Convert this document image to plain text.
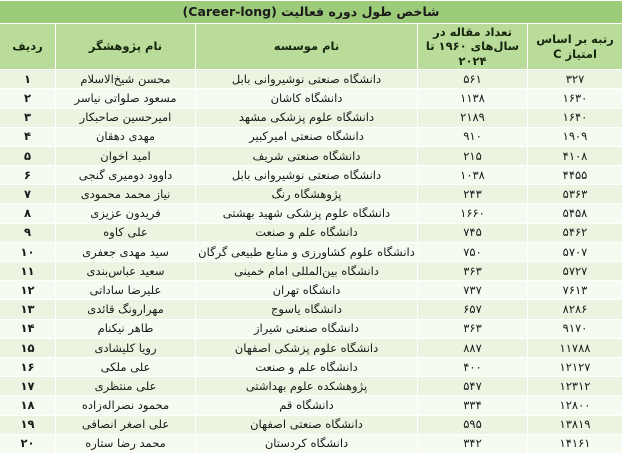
شاخص طول دوره فعالیت (Career-long)				
رتبه بر اساس امتیاز C	تعداد مقاله در سال‌های ۱۹۶۰ تا ۲۰۲۴	نام موسسه	نام پژوهشگر	ردیف
۳۲۷	۵۶۱	دانشگاه صنعتی نوشیروانی بابل	محسن شیخ‌الاسلام	۱
۱۶۳۰	۱۱۳۸	دانشگاه کاشان	مسعود صلواتی نیاسر	۲
۱۶۴۰	۲۱۸۹	دانشگاه علوم پزشکی مشهد	امیرحسین صاحبکار	۳
۱۹۰۹	۹۱۰	دانشگاه صنعتی امیرکبیر	مهدی دهقان	۴
۴۱۰۸	۲۱۵	دانشگاه صنعتی شریف	امید اخوان	۵
۴۴۵۵	۱۰۳۸	دانشگاه صنعتی نوشیروانی بابل	داوود دومیری گنجی	۶
۵۳۶۳	۲۴۳	پژوهشگاه رنگ	نیاز محمد محمودی	۷
۵۴۵۸	۱۶۶۰	دانشگاه علوم پزشکی شهید بهشتی	فریدون عزیزی	۸
۵۴۶۲	۷۴۵	دانشگاه علم و صنعت	علی کاوه	۹
۵۷۰۷	۷۵۰	دانشگاه علوم کشاورزی و منابع طبیعی گرگان	سید مهدی جعفری	۱۰
۵۷۲۷	۳۶۳	دانشگاه بین‌المللی امام خمینی	سعید عباس‌بندی	۱۱
۷۶۱۳	۷۳۷	دانشگاه تهران	علیرضا ساداتی	۱۲
۸۲۸۶	۶۵۷	دانشگاه یاسوج	مهرارونگ قائدی	۱۳
۹۱۷۰	۳۶۳	دانشگاه صنعتی شیراز	طاهر نیکنام	۱۴
۱۱۷۸۸	۸۸۷	دانشگاه علوم پزشکی اصفهان	رویا کلیشادی	۱۵
۱۲۱۲۷	۴۰۰	دانشگاه علم و صنعت	علی ملکی	۱۶
۱۲۳۱۲	۵۴۷	پژوهشکده علوم بهداشتی	علی منتظری	۱۷
۱۲۸۰۰	۳۳۴	دانشگاه قم	محمود نصراله‌زاده	۱۸
۱۳۸۱۹	۵۹۵	دانشگاه صنعتی اصفهان	علی اصغر انصافی	۱۹
۱۴۱۶۱	۳۴۲	دانشگاه کردستان	محمد رضا ستاره	۲۰
